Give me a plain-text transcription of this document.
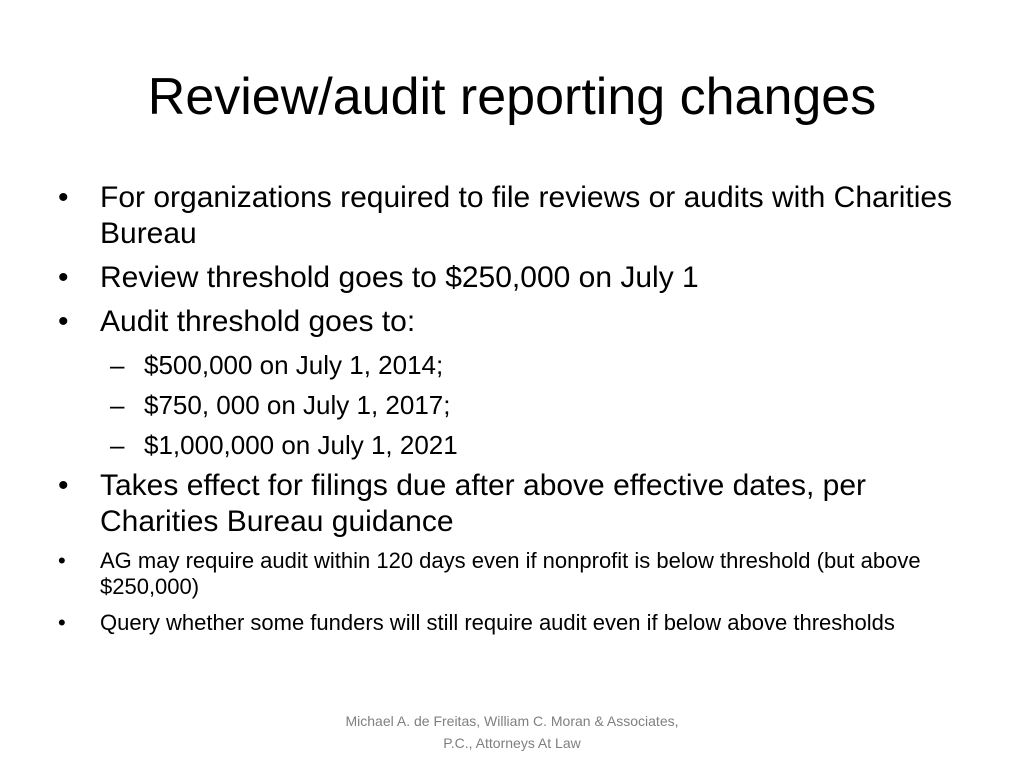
Review/audit reporting changes
• For organizations required to file reviews or audits with Charities Bureau
• Review threshold goes to $250,000 on July 1
• Audit threshold goes to:
– $500,000 on July 1, 2014;
– $750, 000 on July 1, 2017;
– $1,000,000 on July 1, 2021
• Takes effect for filings due after above effective dates, per Charities Bureau guidance
• AG may require audit within 120 days even if nonprofit is below threshold (but above $250,000)
• Query whether some funders will still require audit even if below above thresholds
Michael A. de Freitas, William C. Moran & Associates, P.C., Attorneys At Law
